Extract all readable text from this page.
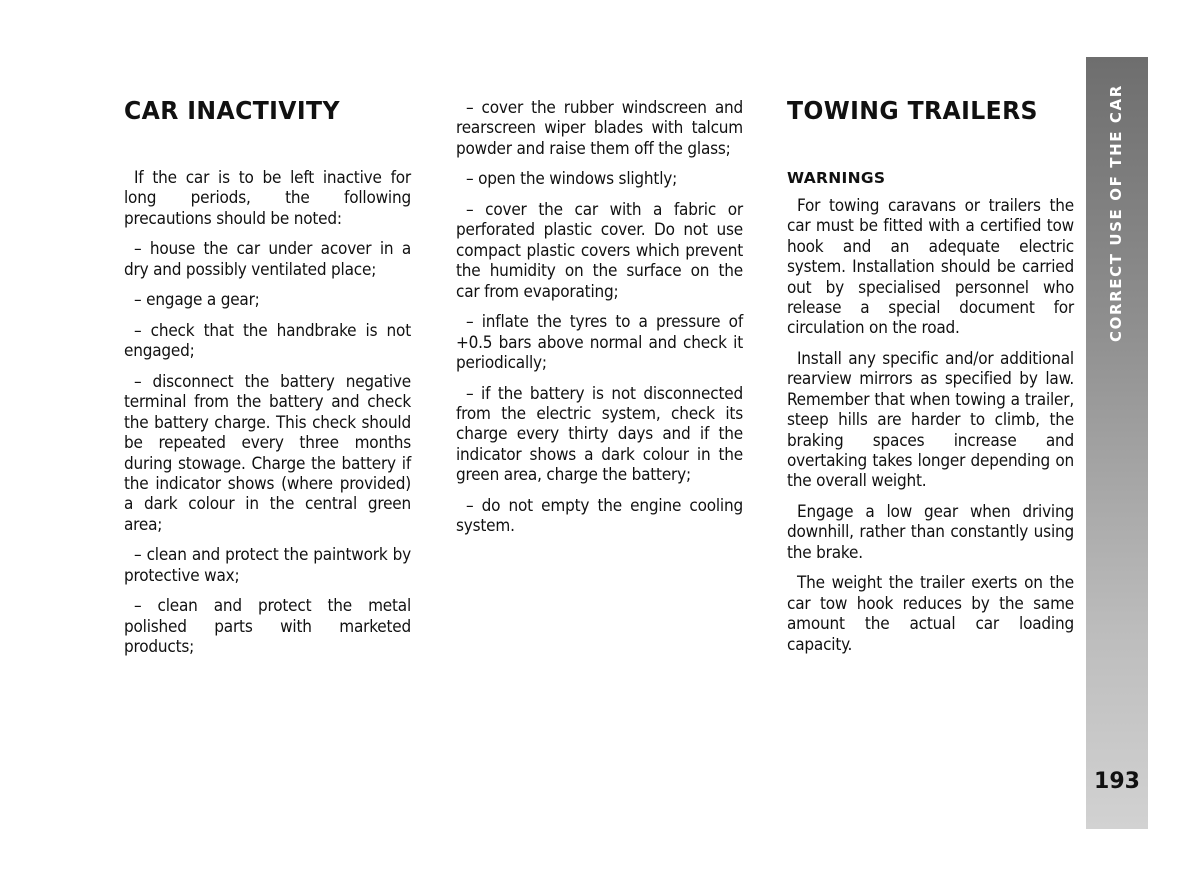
CAR INACTIVITY

If the car is to be left inactive for long periods, the following precautions should be noted:

– house the car under acover in a dry and possibly ventilated place;

– engage a gear;

– check that the handbrake is not engaged;

– disconnect the battery negative terminal from the battery and check the battery charge. This check should be repeated every three months during stowage. Charge the battery if the indicator shows (where provided) a dark colour in the central green area;

– clean and protect the paintwork by protective wax;

– clean and protect the metal polished parts with marketed products;

– cover the rubber windscreen and rearscreen wiper blades with talcum powder and raise them off the glass;

– open the windows slightly;

– cover the car with a fabric or perforated plastic cover. Do not use compact plastic covers which prevent the humidity on the surface on the car from evaporating;

– inflate the tyres to a pressure of +0.5 bars above normal and check it periodically;

– if the battery is not disconnected from the electric system, check its charge every thirty days and if the indicator shows a dark colour in the green area, charge the battery;

– do not empty the engine cooling system.

TOWING TRAILERS
WARNINGS

For towing caravans or trailers the car must be fitted with a certified tow hook and an adequate electric system. Installation should be carried out by specialised personnel who release a special document for circulation on the road.

Install any specific and/or additional rearview mirrors as specified by law. Remember that when towing a trailer, steep hills are harder to climb, the braking spaces increase and overtaking takes longer depending on the overall weight.

Engage a low gear when driving downhill, rather than constantly using the brake.

The weight the trailer exerts on the car tow hook reduces by the same amount the actual car loading capacity.

CORRECT USE OF THE CAR
193
